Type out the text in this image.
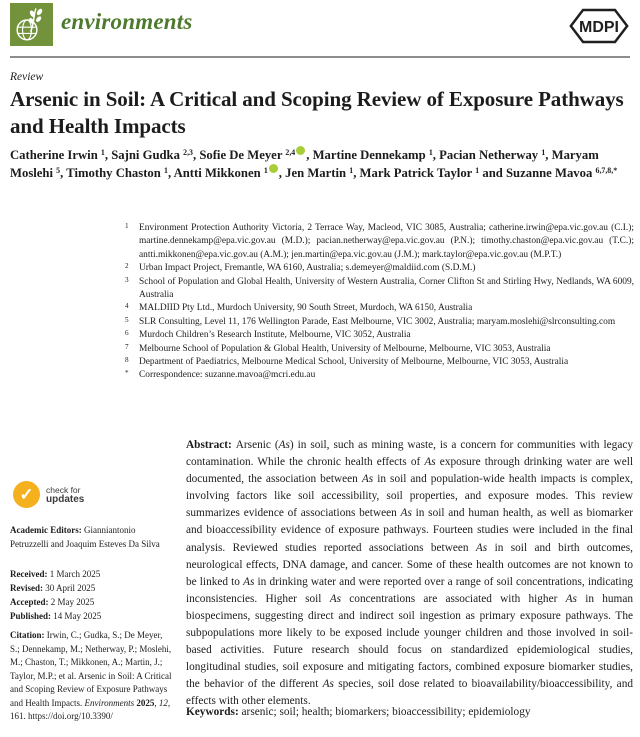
environments	MDPI
Review
Arsenic in Soil: A Critical and Scoping Review of Exposure Pathways and Health Impacts
Catherine Irwin $^1$, Sajni Gudka $^{2,3}$, Sofie De Meyer $^{2,4}$ , Martine Dennekamp $^1$, Pacian Netherway $^1$, Maryam Moslehi $^5$, Timothy Chaston $^1$, Antti Mikkonen $^1$ , Jen Martin $^1$, Mark Patrick Taylor $^1$ and Suzanne Mavoa $^{6,7,8,*}$
1 Environment Protection Authority Victoria, 2 Terrace Way, Macleod, VIC 3085, Australia; catherine.irwin@epa.vic.gov.au (C.I.); martine.dennekamp@epa.vic.gov.au (M.D.); pacian.netherway@epa.vic.gov.au (P.N.); timothy.chaston@epa.vic.gov.au (T.C.); antti.mikkonen@epa.vic.gov.au (A.M.); jen.martin@epa.vic.gov.au (J.M.); mark.taylor@epa.vic.gov.au (M.P.T.)
2 Urban Impact Project, Fremantle, WA 6160, Australia; s.demeyer@maldiid.com (S.D.M.)
3 School of Population and Global Health, University of Western Australia, Corner Clifton St and Stirling Hwy, Nedlands, WA 6009, Australia
4 MALDIID Pty Ltd., Murdoch University, 90 South Street, Murdoch, WA 6150, Australia
5 SLR Consulting, Level 11, 176 Wellington Parade, East Melbourne, VIC 3002, Australia; maryam.moslehi@slrconsulting.com
6 Murdoch Children’s Research Institute, Melbourne, VIC 3052, Australia
7 Melbourne School of Population & Global Health, University of Melbourne, Melbourne, VIC 3053, Australia
8 Department of Paediatrics, Melbourne Medical School, University of Melbourne, Melbourne, VIC 3053, Australia
* Correspondence: suzanne.mavoa@mcri.edu.au
✓	check for
updates
Academic Editors: Gianniantonio Petruzzelli and Joaquim Esteves Da Silva
Received: 1 March 2025
Revised: 30 April 2025
Accepted: 2 May 2025
Published: 14 May 2025
Citation: Irwin, C.; Gudka, S.; De Meyer, S.; Dennekamp, M.; Netherway, P.; Moslehi, M.; Chaston, T.; Mikkonen, A.; Martin, J.; Taylor, M.P.; et al. Arsenic in Soil: A Critical and Scoping Review of Exposure Pathways and Health Impacts. Environments 2025, 12, 161. https://doi.org/10.3390/
Abstract: Arsenic (As) in soil, such as mining waste, is a concern for communities with legacy contamination. While the chronic health effects of As exposure through drinking water are well documented, the association between As in soil and population-wide health impacts is complex, involving factors like soil accessibility, soil properties, and exposure modes. This review summarizes evidence of associations between As in soil and human health, as well as biomarker and bioaccessibility evidence of exposure pathways. Fourteen studies were included in the final analysis. Reviewed studies reported associations between As in soil and birth outcomes, neurological effects, DNA damage, and cancer. Some of these health outcomes are not known to be linked to As in drinking water and were reported over a range of soil concentrations, indicating inconsistencies. Higher soil As concentrations are associated with higher As in human biospecimens, suggesting direct and indirect soil ingestion as primary exposure pathways. The subpopulations more likely to be exposed include younger children and those involved in soil-based activities. Future research should focus on standardized epidemiological studies, longitudinal studies, soil exposure and mitigating factors, combined exposure biomarker studies, the behavior of the different As species, soil dose related to bioavailability/bioaccessibility, and effects with other elements.
Keywords: arsenic; soil; health; biomarkers; bioaccessibility; epidemiology
